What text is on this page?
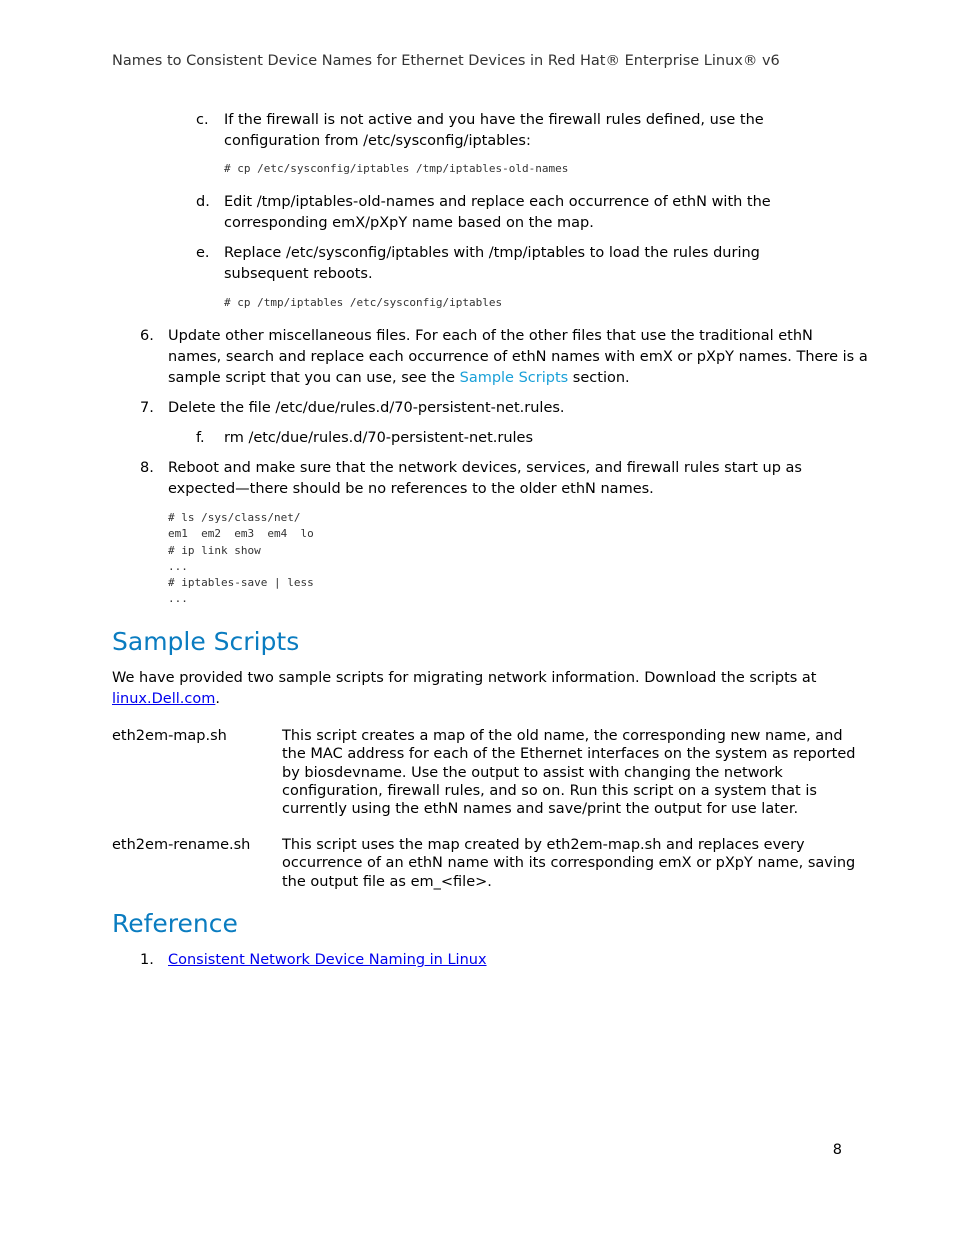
Names to Consistent Device Names for Ethernet Devices in Red Hat® Enterprise Linux® v6
c.	If the firewall is not active and you have the firewall rules defined, use the
configuration from /etc/sysconfig/iptables:
# cp /etc/sysconfig/iptables /tmp/iptables-old-names
d. Edit /tmp/iptables-old-names and replace each occurrence of ethN with the
corresponding emX/pXpY name based on the map.
e. Replace /etc/sysconfig/iptables with /tmp/iptables to load the rules during
subsequent reboots.
# cp /tmp/iptables /etc/sysconfig/iptables
6. Update other miscellaneous files. For each of the other files that use the traditional ethN
names, search and replace each occurrence of ethN names with emX or pXpY names. There is a
sample script that you can use, see the Sample Scripts section.
7. Delete the file /etc/due/rules.d/70-persistent-net.rules.
f.	rm /etc/due/rules.d/70-persistent-net.rules
8. Reboot and make sure that the network devices, services, and firewall rules start up as
expected—there should be no references to the older ethN names.
# ls /sys/class/net/
em1  em2  em3  em4  lo
# ip link show
...
# iptables-save | less
...
Sample Scripts
We have provided two sample scripts for migrating network information. Download the scripts at
linux.Dell.com.
eth2em-map.sh	This script creates a map of the old name, the corresponding new name, and
the MAC address for each of the Ethernet interfaces on the system as reported
by biosdevname. Use the output to assist with changing the network
configuration, firewall rules, and so on. Run this script on a system that is
currently using the ethN names and save/print the output for use later.
eth2em-rename.sh This script uses the map created by eth2em-map.sh and replaces every
occurrence of an ethN name with its corresponding emX or pXpY name, saving
the output file as em_<file>.
Reference
1. Consistent Network Device Naming in Linux
8
